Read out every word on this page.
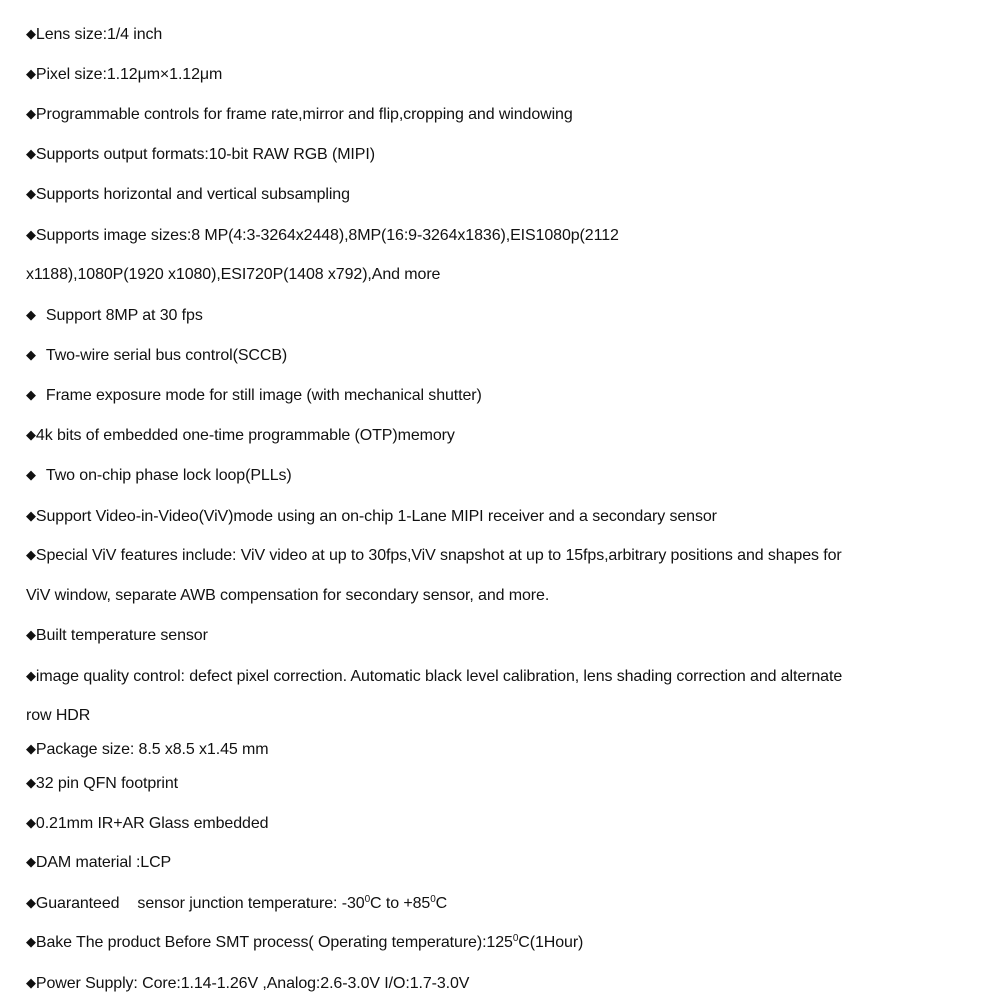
◆Lens size:1/4 inch
◆Pixel size:1.12μm×1.12μm
◆Programmable controls for frame rate,mirror and flip,cropping and windowing
◆Supports output formats:10-bit RAW RGB (MIPI)
◆Supports horizontal and vertical subsampling
◆Supports image sizes:8 MP(4:3-3264x2448),8MP(16:9-3264x1836),EIS1080p(2112
x1188),1080P(1920 x1080),ESI720P(1408 x792),And more
◆ Support 8MP at 30 fps
◆ Two-wire serial bus control(SCCB)
◆ Frame exposure mode for still image (with mechanical shutter)
◆4k bits of embedded one-time programmable (OTP)memory
◆ Two on-chip phase lock loop(PLLs)
◆Support Video-in-Video(ViV)mode using an on-chip 1-Lane MIPI receiver and a secondary sensor
◆Special ViV features include: ViV video at up to 30fps,ViV snapshot at up to 15fps,arbitrary positions and shapes for
ViV window, separate AWB compensation for secondary sensor, and more.
◆Built temperature sensor
◆image quality control: defect pixel correction. Automatic black level calibration, lens shading correction and alternate
row HDR
◆Package size: 8.5 x8.5 x1.45 mm
◆32 pin QFN footprint
◆0.21mm IR+AR Glass embedded
◆DAM material :LCP
◆Guaranteed sensor junction temperature: $-30^0C$ to $+85^0C$
◆Bake The product Before SMT process( Operating $temperature):125^0C(1Hour)$
◆Power Supply: Core:1.14-1.26V ,Analog:2.6-3.0V I/O:1.7-3.0V
